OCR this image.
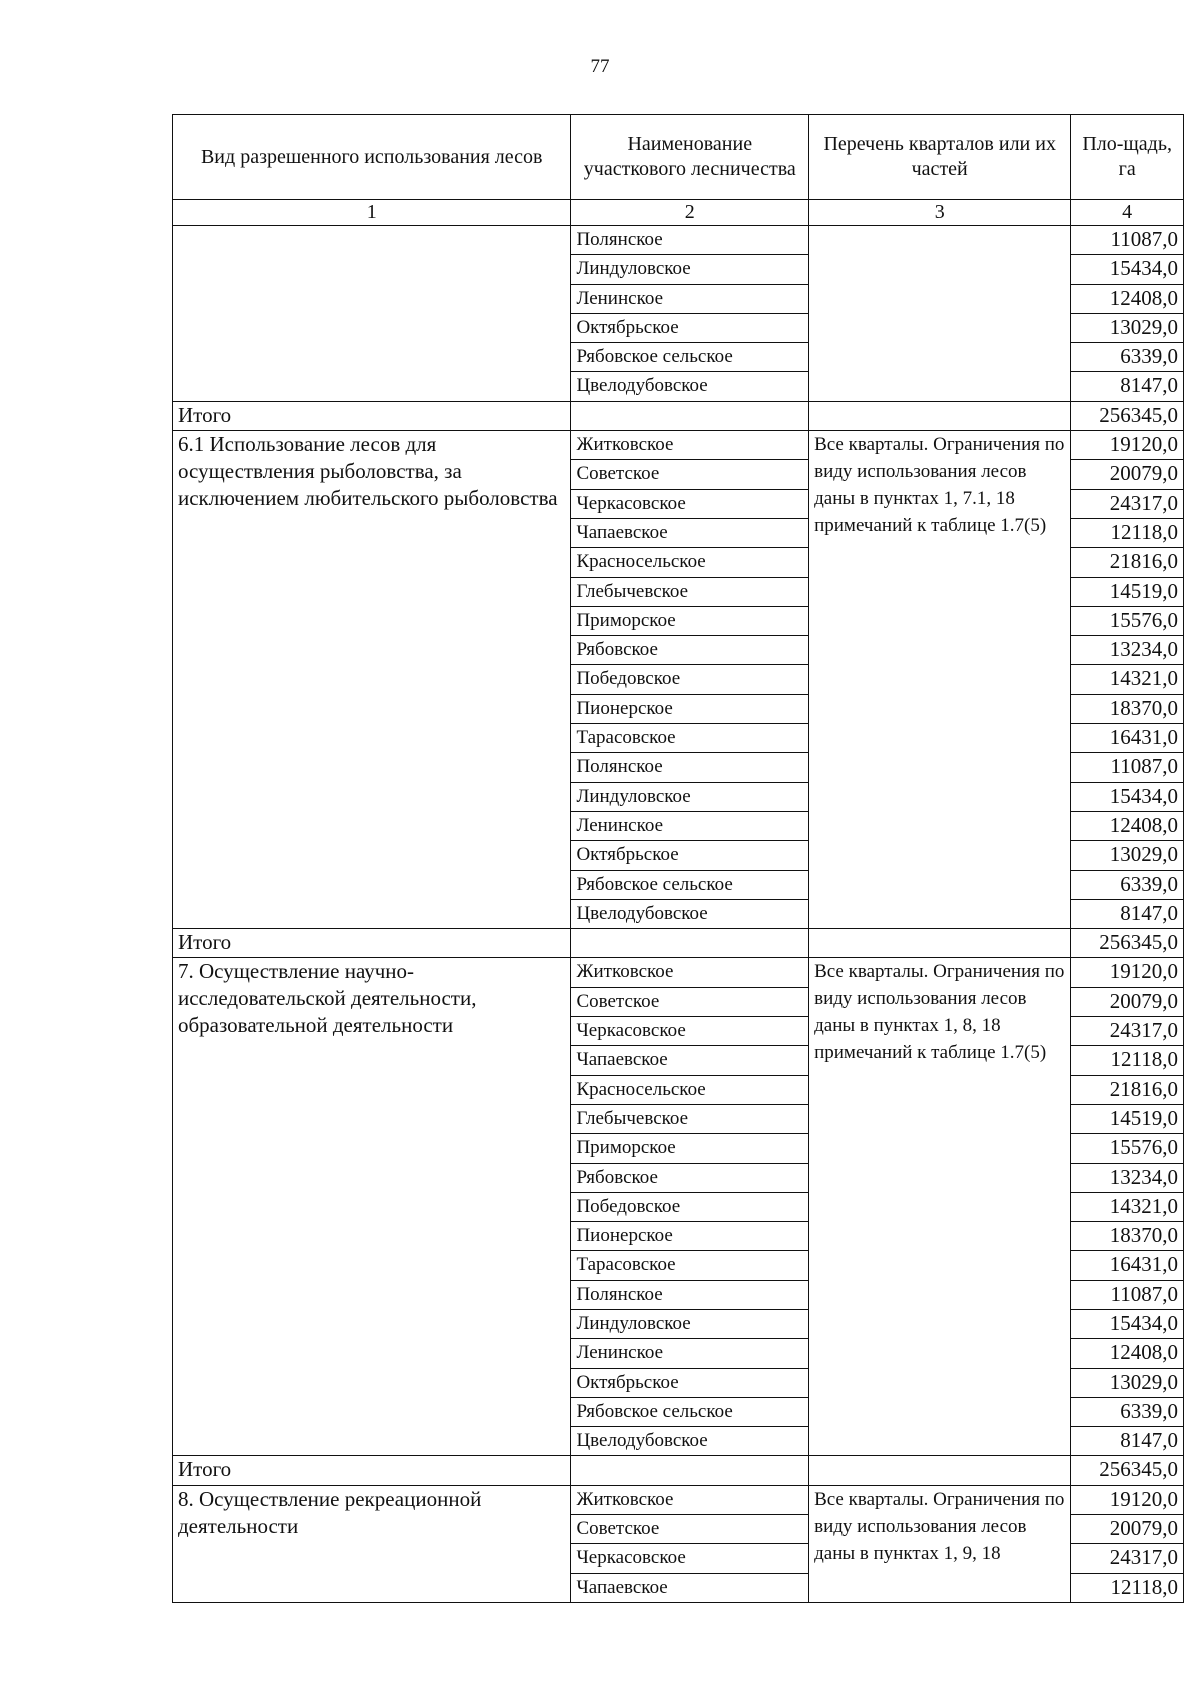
77
Вид разрешенного использования лесов	Наименование участкового лесничества	Перечень кварталов или их частей	Пло-щадь, га
1	2	3	4
	Полянское		11087,0
	Линдуловское		15434,0
	Ленинское		12408,0
	Октябрьское		13029,0
	Рябовское сельское		6339,0
	Цвелодубовское		8147,0
Итого			256345,0
6.1 Использование лесов для осуществления рыболовства, за исключением любительского рыболовства	Житковское	Все кварталы. Ограничения по виду использования лесов даны в пунктах 1, 7.1, 18 примечаний к таблице 1.7(5)	19120,0
	Советское		20079,0
	Черкасовское		24317,0
	Чапаевское		12118,0
	Красносельское		21816,0
	Глебычевское		14519,0
	Приморское		15576,0
	Рябовское		13234,0
	Победовское		14321,0
	Пионерское		18370,0
	Тарасовское		16431,0
	Полянское		11087,0
	Линдуловское		15434,0
	Ленинское		12408,0
	Октябрьское		13029,0
	Рябовское сельское		6339,0
	Цвелодубовское		8147,0
Итого			256345,0
7. Осуществление научно-исследовательской деятельности, образовательной деятельности	Житковское	Все кварталы. Ограничения по виду использования лесов даны в пунктах 1, 8, 18 примечаний к таблице 1.7(5)	19120,0
	Советское		20079,0
	Черкасовское		24317,0
	Чапаевское		12118,0
	Красносельское		21816,0
	Глебычевское		14519,0
	Приморское		15576,0
	Рябовское		13234,0
	Победовское		14321,0
	Пионерское		18370,0
	Тарасовское		16431,0
	Полянское		11087,0
	Линдуловское		15434,0
	Ленинское		12408,0
	Октябрьское		13029,0
	Рябовское сельское		6339,0
	Цвелодубовское		8147,0
Итого			256345,0
8. Осуществление рекреационной деятельности	Житковское	Все кварталы. Ограничения по виду использования лесов даны в пунктах 1, 9, 18	19120,0
	Советское		20079,0
	Черкасовское		24317,0
	Чапаевское		12118,0
